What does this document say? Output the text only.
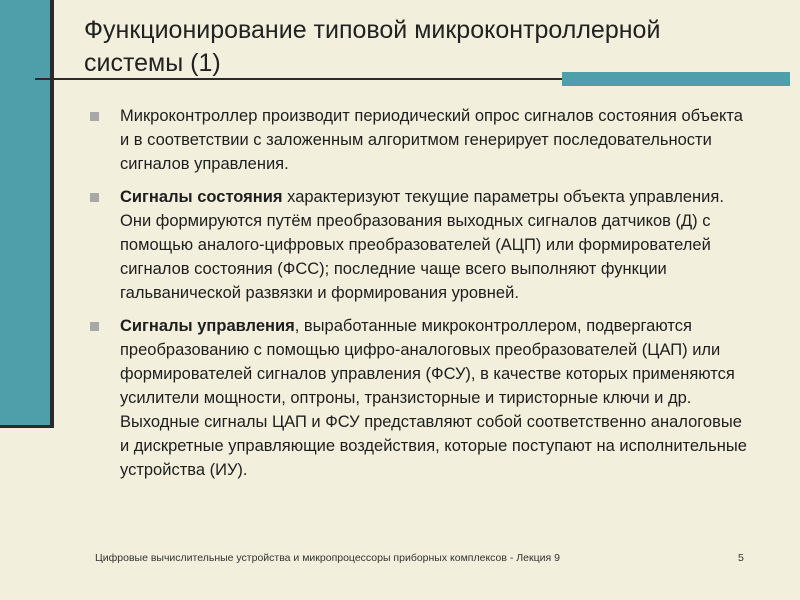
Функционирование типовой микроконтроллерной системы (1)
Микроконтроллер производит периодический опрос сигналов состояния объекта и в соответствии с заложенным алгоритмом генерирует последовательности сигналов управления.
Сигналы состояния характеризуют текущие параметры объекта управления. Они формируются путём преобразования выходных сигналов датчиков (Д) с помощью аналого-цифровых преобразователей (АЦП) или формирователей сигналов состояния (ФСС); последние чаще всего выполняют функции гальванической развязки и формирования уровней.
Сигналы управления, выработанные микроконтроллером, подвергаются преобразованию с помощью цифро-аналоговых преобразователей (ЦАП) или формирователей сигналов управления (ФСУ), в качестве которых применяются усилители мощности, оптроны, транзисторные и тиристорные ключи и др. Выходные сигналы ЦАП и ФСУ представляют собой соответственно аналоговые и дискретные управляющие воздействия, которые поступают на исполнительные устройства (ИУ).
Цифровые вычислительные устройства и микропроцессоры приборных комплексов - Лекция 9	5
